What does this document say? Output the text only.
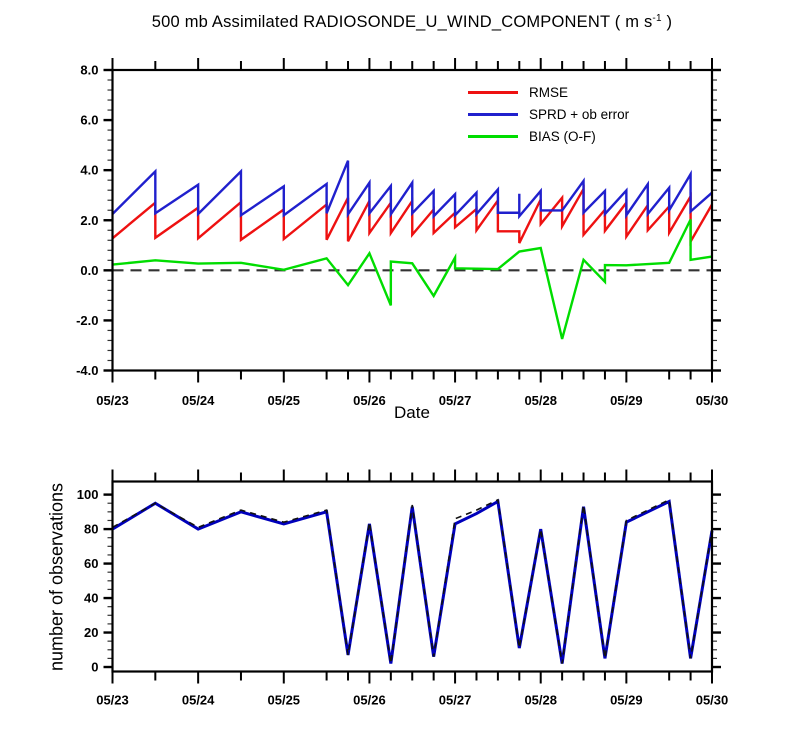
500 mb Assimilated RADIOSONDE_U_WIND_COMPONENT ( m $s^{-1}$ )
-4.0
-2.0
0.0
2.0
4.0
6.0
8.0
05/23	05/24	05/25	05/26	05/27	05/28	05/29	05/30
0
20
40
60
80
100
05/23	05/24	05/25	05/26	05/27	05/28	05/29	05/30
RMSE
SPRD + ob error
BIAS (O-F)
Date
number of observations
